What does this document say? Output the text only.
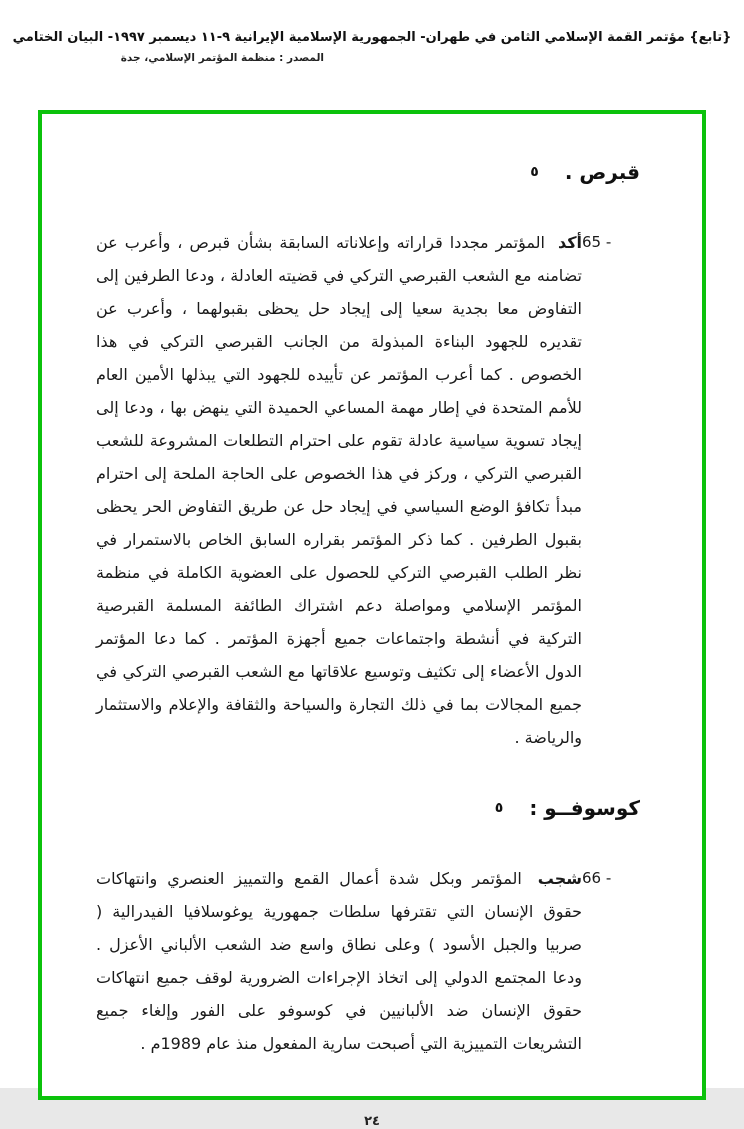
{تابع} مؤتمر القمة الإسلامي الثامن في طهران- الجمهورية الإسلامية الإيرانية ٩-١١ ديسمبر ١٩٩٧- البيان الختامي
المصدر : منظمة المؤتمر الإسلامي، جدة
٥ قبرص .
65 -

أكد المؤتمر مجددا قراراته وإعلاناته السابقة بشأن قبرص ، وأعرب عن تضامنه مع الشعب القبرصي التركي في قضيته العادلة ، ودعا الطرفين إلى التفاوض معا بجدية سعيا إلى إيجاد حل يحظى بقبولهما ، وأعرب عن تقديره للجهود البناءة المبذولة من الجانب القبرصي التركي في هذا الخصوص . كما أعرب المؤتمر عن تأييده للجهود التي يبذلها الأمين العام للأمم المتحدة في إطار مهمة المساعي الحميدة التي ينهض بها ، ودعا إلى إيجاد تسوية سياسية عادلة تقوم على احترام التطلعات المشروعة للشعب القبرصي التركي ، وركز في هذا الخصوص على الحاجة الملحة إلى احترام مبدأ تكافؤ الوضع السياسي في إيجاد حل عن طريق التفاوض الحر يحظى بقبول الطرفين . كما ذكر المؤتمر بقراره السابق الخاص بالاستمرار في نظر الطلب القبرصي التركي للحصول على العضوية الكاملة في منظمة المؤتمر الإسلامي ومواصلة دعم اشتراك الطائفة المسلمة القبرصية التركية في أنشطة واجتماعات جميع أجهزة المؤتمر . كما دعا المؤتمر الدول الأعضاء إلى تكثيف وتوسيع علاقاتها مع الشعب القبرصي التركي في جميع المجالات بما في ذلك التجارة والسياحة والثقافة والإعلام والاستثمار والرياضة .

٥ كوسوفــو :
66 -

شجب المؤتمر وبكل شدة أعمال القمع والتمييز العنصري وانتهاكات حقوق الإنسان التي تقترفها سلطات جمهورية يوغوسلافيا الفيدرالية ( صربيا والجبل الأسود ) وعلى نطاق واسع ضد الشعب الألباني الأعزل . ودعا المجتمع الدولي إلى اتخاذ الإجراءات الضرورية لوقف جميع انتهاكات حقوق الإنسان ضد الألبانيين في كوسوفو على الفور وإلغاء جميع التشريعات التمييزية التي أصبحت سارية المفعول منذ عام 1989م .

٢٤
